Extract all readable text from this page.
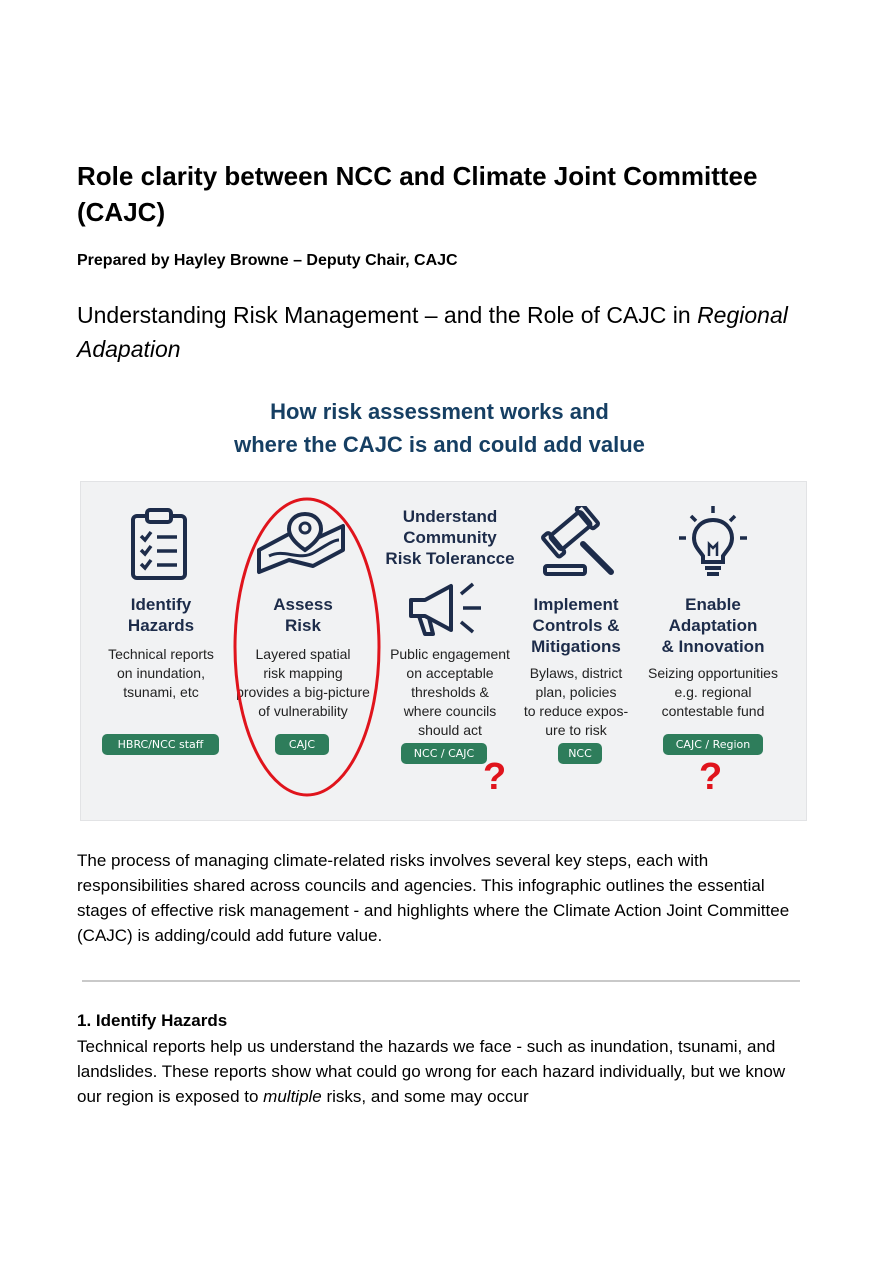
Role clarity between NCC and Climate Joint Committee (CAJC)
Prepared by Hayley Browne – Deputy Chair, CAJC
Understanding Risk Management – and the Role of CAJC in Regional Adapation
How risk assessment works and
where the CAJC is and could add value
Identify
Hazards
Technical reports
on inundation,
tsunami, etc
HBRC/NCC staff
Assess
Risk
Layered spatial
risk mapping
provides a big-picture
of vulnerability
CAJC
Understand
Community
Risk Tolerancce
Public engagement
on acceptable
thresholds &
where councils
should act
NCC / CAJC
?
Implement
Controls &
Mitigations
Bylaws, district
plan, policies
to reduce expos-
ure to risk
NCC
Enable
Adaptation
& Innovation
Seizing opportunities
e.g. regional
contestable fund
CAJC / Region
?
The process of managing climate-related risks involves several key steps, each with responsibilities shared across councils and agencies. This infographic outlines the essential stages of effective risk management - and highlights where the Climate Action Joint Committee (CAJC) is adding/could add future value.
1. Identify Hazards
Technical reports help us understand the hazards we face - such as inundation, tsunami, and landslides. These reports show what could go wrong for each hazard individually, but we know our region is exposed to multiple risks, and some may occur
